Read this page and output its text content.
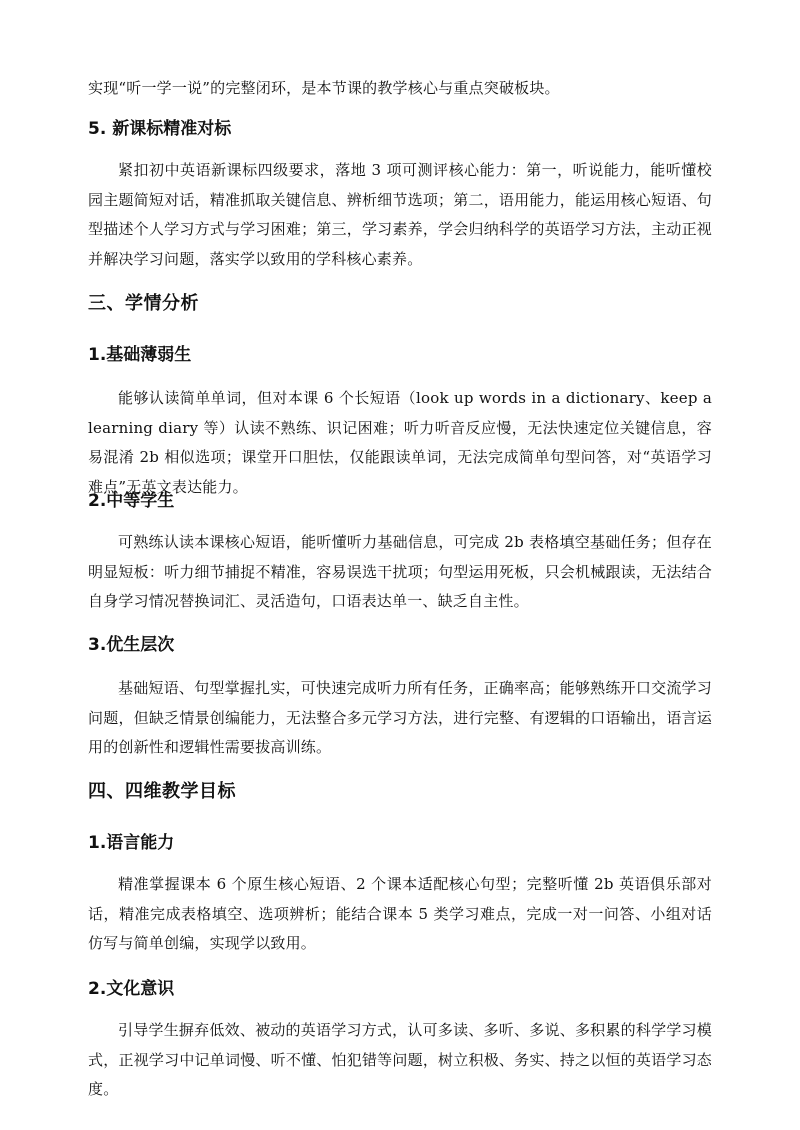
实现“听一学一说”的完整闭环，是本节课的教学核心与重点突破板块。

5. 新课标精准对标

紧扣初中英语新课标四级要求，落地 3 项可测评核心能力：第一，听说能力，能听懂校园主题简短对话，精准抓取关键信息、辨析细节选项；第二，语用能力，能运用核心短语、句型描述个人学习方式与学习困难；第三，学习素养，学会归纳科学的英语学习方法，主动正视并解决学习问题，落实学以致用的学科核心素养。

三、学情分析
1.基础薄弱生

能够认读简单单词，但对本课 6 个长短语（look up words in a dictionary、keep a learning diary 等）认读不熟练、识记困难；听力听音反应慢，无法快速定位关键信息，容易混淆 2b 相似选项；课堂开口胆怯，仅能跟读单词，无法完成简单句型问答，对“英语学习难点”无英文表达能力。

2.中等学生

可熟练认读本课核心短语，能听懂听力基础信息，可完成 2b 表格填空基础任务；但存在明显短板：听力细节捕捉不精准，容易误选干扰项；句型运用死板，只会机械跟读，无法结合自身学习情况替换词汇、灵活造句，口语表达单一、缺乏自主性。

3.优生层次

基础短语、句型掌握扎实，可快速完成听力所有任务，正确率高；能够熟练开口交流学习问题，但缺乏情景创编能力，无法整合多元学习方法，进行完整、有逻辑的口语输出，语言运用的创新性和逻辑性需要拔高训练。

四、四维教学目标
1.语言能力

精准掌握课本 6 个原生核心短语、2 个课本适配核心句型；完整听懂 2b 英语俱乐部对话，精准完成表格填空、选项辨析；能结合课本 5 类学习难点，完成一对一问答、小组对话仿写与简单创编，实现学以致用。

2.文化意识

引导学生摒弃低效、被动的英语学习方式，认可多读、多听、多说、多积累的科学学习模式，正视学习中记单词慢、听不懂、怕犯错等问题，树立积极、务实、持之以恒的英语学习态度。
